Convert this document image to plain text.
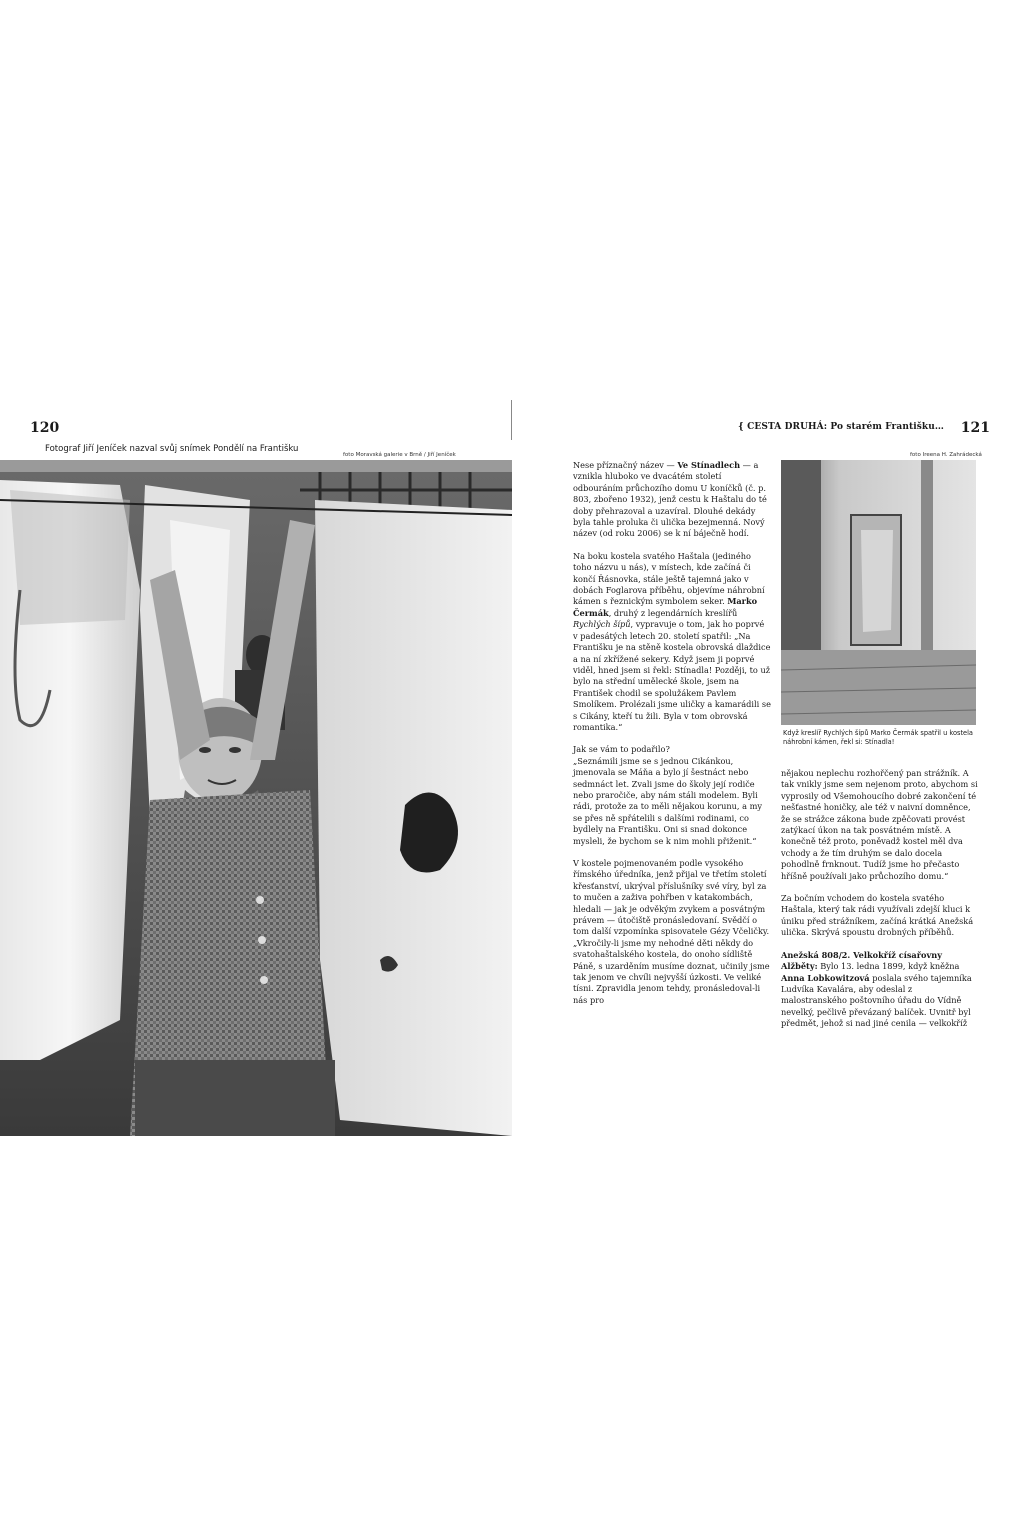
120	{ CESTA DRUHÁ: Po starém Františku… 121
Fotograf Jiří Jeníček nazval svůj snímek Pondělí na Františku
foto Moravská galerie v Brně / Jiří Jeníček	foto Ireena H. Zahrádecká
Když kreslíř Rychlých šípů Marko Čermák spatřil u kostela náhrobní kámen, řekl si: Stínadla!

Nese příznačný název — Ve Stínadlech — a vznikla hluboko ve dvacátém století odbouráním průchozího domu U koníčků (č. p. 803, zbořeno 1932), jenž cestu k Haštalu do té doby přehrazoval a uzavíral. Dlouhé dekády byla tahle proluka či ulička bezejmenná. Nový název (od roku 2006) se k ní báječně hodí.

Na boku kostela svatého Haštala (jediného toho názvu u nás), v místech, kde začíná či končí Řásnovka, stále ještě tajemná jako v dobách Foglarova příběhu, objevíme náhrobní kámen s řeznickým symbolem seker. Marko Čermák, druhý z legendárních kreslířů Rychlých šípů, vypravuje o tom, jak ho poprvé v padesátých letech 20. století spatřil: „Na Františku je na stěně kostela obrovská dlaždice a na ní zkřížené sekery. Když jsem ji poprvé viděl, hned jsem si řekl: Stínadla! Později, to už bylo na střední umělecké škole, jsem na František chodil se spolužákem Pavlem Smolíkem. Prolézali jsme uličky a kamarádili se s Cikány, kteří tu žili. Byla v tom obrovská romantika.“

Jak se vám to podařilo?

„Seznámili jsme se s jednou Cikánkou, jmenovala se Máňa a bylo jí šestnáct nebo sedmnáct let. Zvali jsme do školy její rodiče nebo praročiče, aby nám stáli modelem. Byli rádi, protože za to měli nějakou korunu, a my se přes ně spřátelili s dalšími rodinami, co bydlely na Františku. Oni si snad dokonce mysleli, že bychom se k nim mohli přiženit.“

V kostele pojmenovaném podle vysokého římského úředníka, jenž přijal ve třetím století křesťanství, ukrýval příslušníky své víry, byl za to mučen a zaživa pohřben v katakombách, hledali — jak je odvěkým zvykem a posvátným právem — útočiště pronásledovaní. Svědčí o tom další vzpomínka spisovatele Gézy Včeličky. „Vkročily-li jsme my nehodné děti někdy do svatohaštalského kostela, do onoho sídliště Páně, s uzarděním musíme doznat, učinily jsme tak jenom ve chvíli nejvyšší úzkosti. Ve veliké tísni. Zpravidla jenom tehdy, pronásledoval-li nás pro

nějakou neplechu rozhořčený pan strážník. A tak vnikly jsme sem nejenom proto, abychom si vyprosily od Všemohoucího dobré zakončení té nešťastné honičky, ale též v naivní domněnce, že se strážce zákona bude zpěčovati provést zatýkací úkon na tak posvátném místě. A konečně též proto, poněvadž kostel měl dva vchody a že tím druhým se dalo docela pohodlně frnknout. Tudíž jsme ho přečasto hříšně používali jako průchozího domu.“

Za bočním vchodem do kostela svatého Haštala, který tak rádi využívali zdejší kluci k úniku před strážníkem, začíná krátká Anežská ulička. Skrývá spoustu drobných příběhů.

Anežská 808/2. Velkokříž císařovny Alžběty: Bylo 13. ledna 1899, když kněžna Anna Lobkowitzová poslala svého tajemníka Ludvíka Kavalára, aby odeslal z malostranského poštovního úřadu do Vídně nevelký, pečlivě převázaný balíček. Uvnitř byl předmět, jehož si nad jiné cenila — velkokříž
